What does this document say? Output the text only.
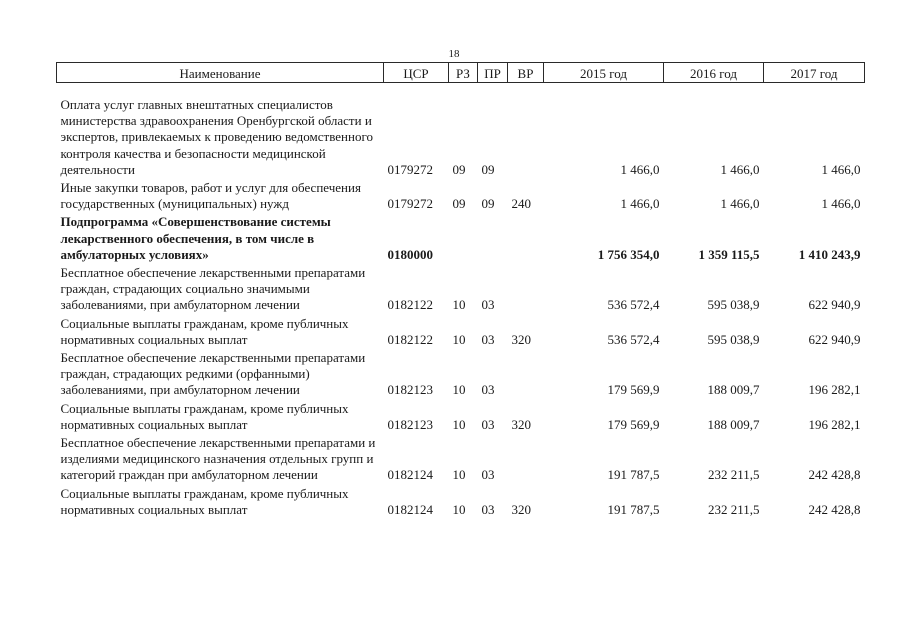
18
Наименование	ЦСР	РЗ	ПР	ВР	2015 год	2016 год	2017 год
Оплата услуг главных внештатных специалистов министерства здравоохранения Оренбургской области и экспертов, привлекаемых к проведению ведомственного контроля качества и безопасности медицинской деятельности	0179272	09	09		1 466,0	1 466,0	1 466,0
Иные закупки товаров, работ и услуг для обеспечения государственных (муниципальных) нужд	0179272	09	09	240	1 466,0	1 466,0	1 466,0
Подпрограмма «Совершенствование системы лекарственного обеспечения, в том числе в амбулаторных условиях»	0180000				1 756 354,0	1 359 115,5	1 410 243,9
Бесплатное обеспечение лекарственными препаратами граждан, страдающих социально значимыми заболеваниями, при амбулаторном лечении	0182122	10	03		536 572,4	595 038,9	622 940,9
Социальные выплаты гражданам, кроме публичных нормативных социальных выплат	0182122	10	03	320	536 572,4	595 038,9	622 940,9
Бесплатное обеспечение лекарственными препаратами граждан, страдающих редкими (орфанными) заболеваниями, при амбулаторном лечении	0182123	10	03		179 569,9	188 009,7	196 282,1
Социальные выплаты гражданам, кроме публичных нормативных социальных выплат	0182123	10	03	320	179 569,9	188 009,7	196 282,1
Бесплатное обеспечение лекарственными препаратами и изделиями медицинского назначения отдельных групп и категорий граждан при амбулаторном лечении	0182124	10	03		191 787,5	232 211,5	242 428,8
Социальные выплаты гражданам, кроме публичных нормативных социальных выплат	0182124	10	03	320	191 787,5	232 211,5	242 428,8
